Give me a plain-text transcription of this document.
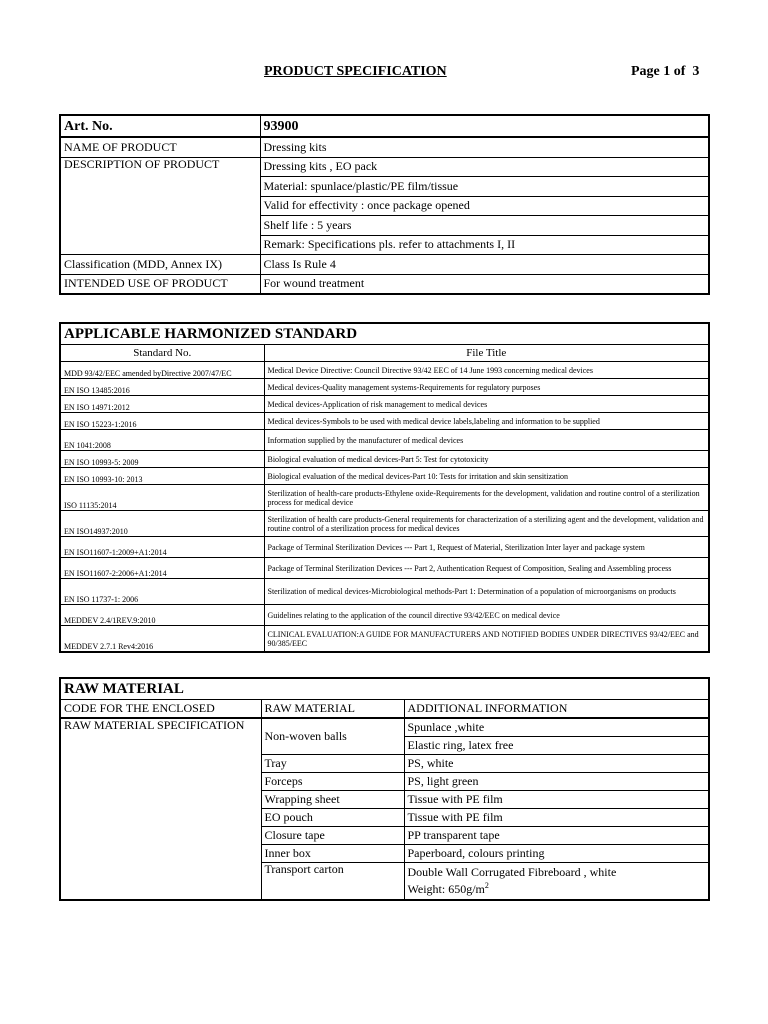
PRODUCT SPECIFICATION	Page 1 of  3
Art. No.	93900
NAME OF PRODUCT	Dressing kits
DESCRIPTION OF PRODUCT	Dressing kits , EO pack
	Material: spunlace/plastic/PE film/tissue
	Valid for effectivity : once package opened
	Shelf life : 5 years
	Remark: Specifications pls. refer to attachments I, II
Classification (MDD, Annex IX)	Class Is Rule 4
INTENDED USE OF PRODUCT	For wound treatment
APPLICABLE HARMONIZED STANDARD	
Standard No.	File Title
MDD 93/42/EEC amended byDirective 2007/47/EC	Medical Device Directive: Council Directive 93/42 EEC of 14 June 1993 concerning medical devices
EN ISO 13485:2016	Medical devices-Quality management systems-Requirements for regulatory purposes
EN ISO 14971:2012	Medical devices-Application of risk management to medical devices
EN ISO 15223-1:2016	Medical devices-Symbols to be used with medical device labels,labeling and information to be supplied
EN 1041:2008	Information supplied by the manufacturer of medical devices
EN ISO 10993-5: 2009	Biological evaluation of medical devices-Part 5: Test for cytotoxicity
EN ISO 10993-10: 2013	Biological evaluation of the medical devices-Part 10: Tests for irritation and skin sensitization
ISO 11135:2014	Sterilization of health-care products-Ethylene oxide-Requirements for the development, validation and routine control of a sterilization process for medical device
EN ISO14937:2010	Sterilization of health care products-General requirements for characterization of a sterilizing agent and the development, validation and routine control of a sterilization process for medical devices
EN ISO11607-1:2009+A1:2014	Package of Terminal Sterilization Devices --- Part 1, Request of Material, Sterilization Inter layer and package system
EN ISO11607-2:2006+A1:2014	Package of Terminal Sterilization Devices --- Part 2, Authentication Request of Composition, Sealing and Assembling process
EN ISO 11737-1: 2006	Sterilization of medical devices-Microbiological methods-Part 1: Determination of a population of microorganisms on products
MEDDEV 2.4/1REV.9:2010	Guidelines relating to the application of the council directive 93/42/EEC on medical device
MEDDEV 2.7.1 Rev4:2016	CLINICAL EVALUATION:A GUIDE FOR MANUFACTURERS AND NOTIFIED BODIES UNDER DIRECTIVES 93/42/EEC and 90/385/EEC
RAW MATERIAL		
CODE FOR THE ENCLOSED	RAW MATERIAL	ADDITIONAL INFORMATION
RAW MATERIAL SPECIFICATION	Non-woven balls	Spunlace ,white
		Elastic ring, latex free
	Tray	PS, white
	Forceps	PS, light green
	Wrapping sheet	Tissue with PE film
	EO pouch	Tissue with PE film
	Closure tape	PP transparent tape
	Inner box	Paperboard, colours printing
	Transport carton	Double Wall Corrugated Fibreboard , white
Weight: $650g/m^2$
